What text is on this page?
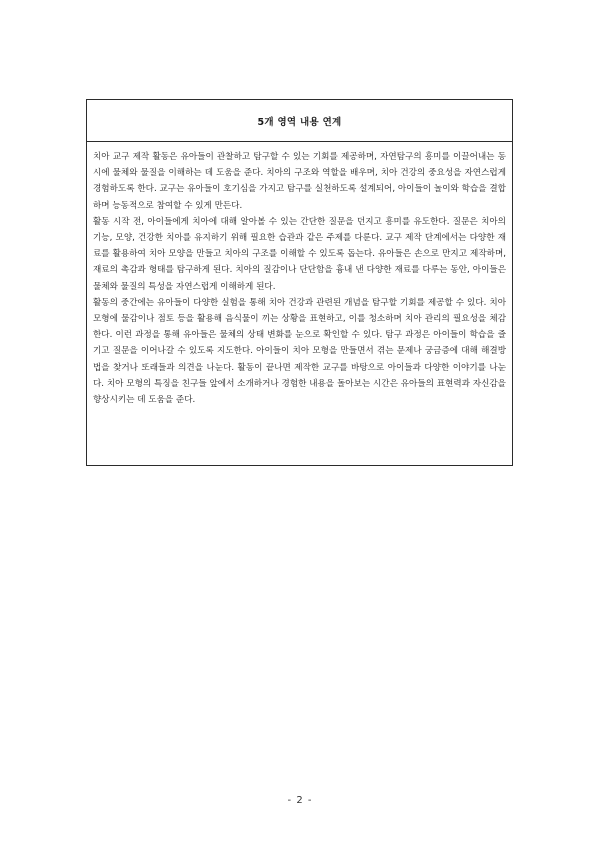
5개 영역 내용 연계

치아 교구 제작 활동은 유아들이 관찰하고 탐구할 수 있는 기회를 제공하며, 자연탐구의 흥미를 이끌어내는 동시에 물체와 물질을 이해하는 데 도움을 준다. 치아의 구조와 역할을 배우며, 치아 건강의 중요성을 자연스럽게 경험하도록 한다. 교구는 유아들이 호기심을 가지고 탐구를 실천하도록 설계되어, 아이들이 놀이와 학습을 결합하며 능동적으로 참여할 수 있게 만든다.

활동 시작 전, 아이들에게 치아에 대해 알아볼 수 있는 간단한 질문을 던지고 흥미를 유도한다. 질문은 치아의 기능, 모양, 건강한 치아를 유지하기 위해 필요한 습관과 같은 주제를 다룬다. 교구 제작 단계에서는 다양한 재료를 활용하여 치아 모양을 만들고 치아의 구조를 이해할 수 있도록 돕는다. 유아들은 손으로 만지고 제작하며, 재료의 촉감과 형태를 탐구하게 된다. 치아의 질감이나 단단함을 흉내 낸 다양한 재료를 다루는 동안, 아이들은 물체와 물질의 특성을 자연스럽게 이해하게 된다.

활동의 중간에는 유아들이 다양한 실험을 통해 치아 건강과 관련된 개념을 탐구할 기회를 제공할 수 있다. 치아 모형에 물감이나 점토 등을 활용해 음식물이 끼는 상황을 표현하고, 이를 청소하며 치아 관리의 필요성을 체감한다. 이런 과정을 통해 유아들은 물체의 상태 변화를 눈으로 확인할 수 있다. 탐구 과정은 아이들이 학습을 즐기고 질문을 이어나갈 수 있도록 지도한다. 아이들이 치아 모형을 만들면서 겪는 문제나 궁금증에 대해 해결방법을 찾거나 또래들과 의견을 나눈다. 활동이 끝나면 제작한 교구를 바탕으로 아이들과 다양한 이야기를 나눈다. 치아 모형의 특징을 친구들 앞에서 소개하거나 경험한 내용을 돌아보는 시간은 유아들의 표현력과 자신감을 향상시키는 데 도움을 준다.

- 2 -
